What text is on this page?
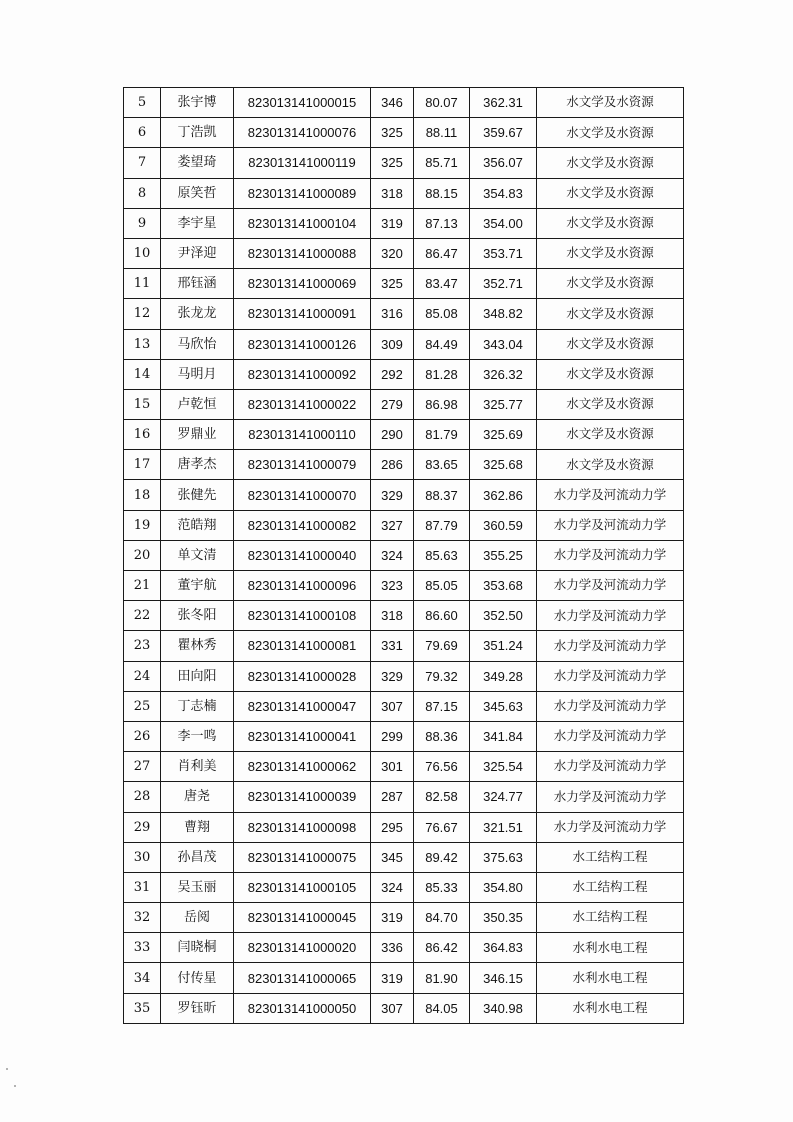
5	张宇博	823013141000015	346	80.07	362.31	水文学及水资源
6	丁浩凯	823013141000076	325	88.11	359.67	水文学及水资源
7	娄望琦	823013141000119	325	85.71	356.07	水文学及水资源
8	原笑哲	823013141000089	318	88.15	354.83	水文学及水资源
9	李宇星	823013141000104	319	87.13	354.00	水文学及水资源
10	尹泽迎	823013141000088	320	86.47	353.71	水文学及水资源
11	邢钰涵	823013141000069	325	83.47	352.71	水文学及水资源
12	张龙龙	823013141000091	316	85.08	348.82	水文学及水资源
13	马欣怡	823013141000126	309	84.49	343.04	水文学及水资源
14	马明月	823013141000092	292	81.28	326.32	水文学及水资源
15	卢乾恒	823013141000022	279	86.98	325.77	水文学及水资源
16	罗鼎业	823013141000110	290	81.79	325.69	水文学及水资源
17	唐孝杰	823013141000079	286	83.65	325.68	水文学及水资源
18	张健先	823013141000070	329	88.37	362.86	水力学及河流动力学
19	范皓翔	823013141000082	327	87.79	360.59	水力学及河流动力学
20	单文清	823013141000040	324	85.63	355.25	水力学及河流动力学
21	董宇航	823013141000096	323	85.05	353.68	水力学及河流动力学
22	张冬阳	823013141000108	318	86.60	352.50	水力学及河流动力学
23	瞿林秀	823013141000081	331	79.69	351.24	水力学及河流动力学
24	田向阳	823013141000028	329	79.32	349.28	水力学及河流动力学
25	丁志楠	823013141000047	307	87.15	345.63	水力学及河流动力学
26	李一鸣	823013141000041	299	88.36	341.84	水力学及河流动力学
27	肖利美	823013141000062	301	76.56	325.54	水力学及河流动力学
28	唐尧	823013141000039	287	82.58	324.77	水力学及河流动力学
29	曹翔	823013141000098	295	76.67	321.51	水力学及河流动力学
30	孙昌茂	823013141000075	345	89.42	375.63	水工结构工程
31	吴玉丽	823013141000105	324	85.33	354.80	水工结构工程
32	岳阅	823013141000045	319	84.70	350.35	水工结构工程
33	闫晓桐	823013141000020	336	86.42	364.83	水利水电工程
34	付传星	823013141000065	319	81.90	346.15	水利水电工程
35	罗钰昕	823013141000050	307	84.05	340.98	水利水电工程
